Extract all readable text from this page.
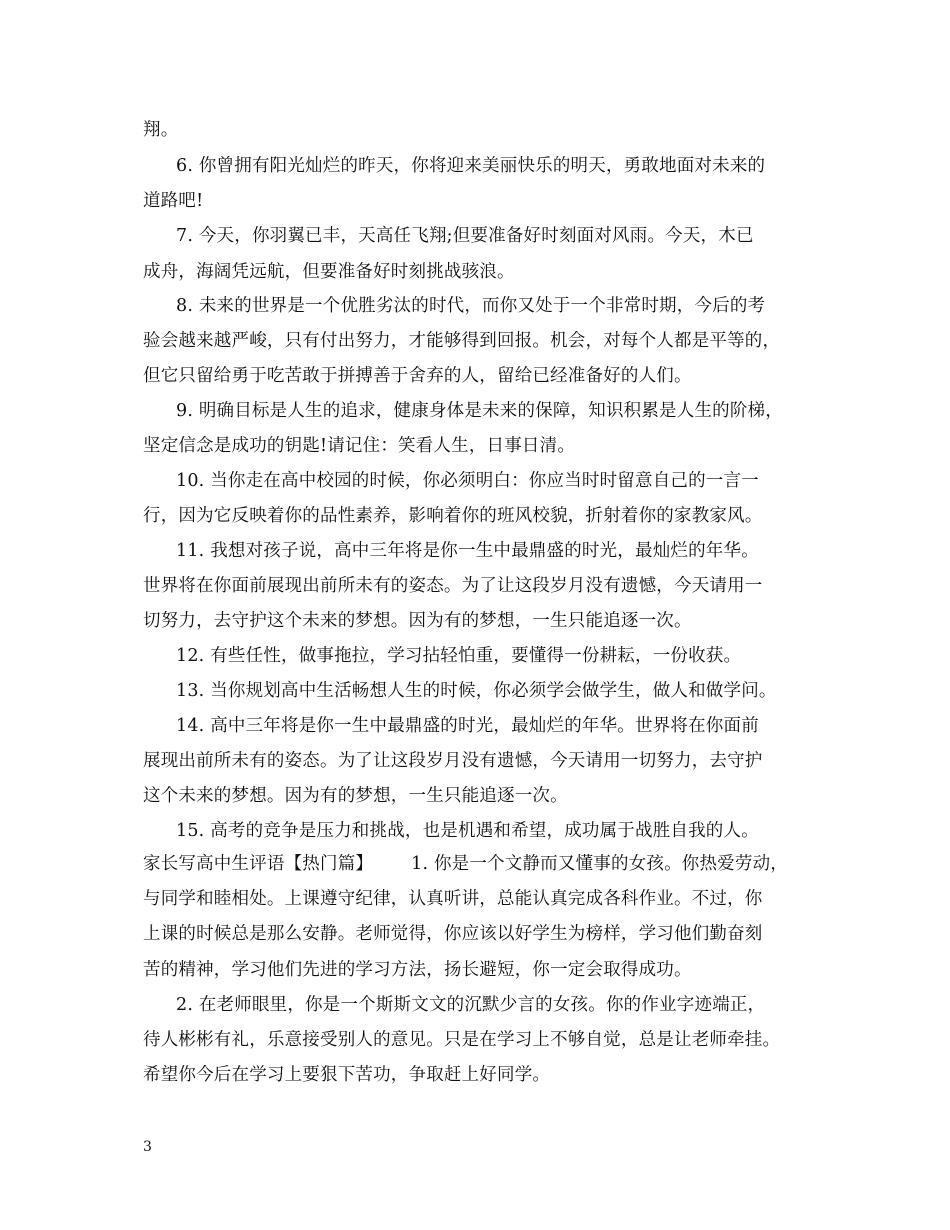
翔。
6. 你曾拥有阳光灿烂的昨天，你将迎来美丽快乐的明天，勇敢地面对未来的
道路吧!
7. 今天，你羽翼已丰，天高任飞翔;但要准备好时刻面对风雨。今天，木已
成舟，海阔凭远航，但要准备好时刻挑战骇浪。
8. 未来的世界是一个优胜劣汰的时代，而你又处于一个非常时期，今后的考
验会越来越严峻，只有付出努力，才能够得到回报。机会，对每个人都是平等的，
但它只留给勇于吃苦敢于拼搏善于舍弃的人，留给已经准备好的人们。
9. 明确目标是人生的追求，健康身体是未来的保障，知识积累是人生的阶梯，
坚定信念是成功的钥匙!请记住：笑看人生，日事日清。
10. 当你走在高中校园的时候，你必须明白：你应当时时留意自己的一言一
行，因为它反映着你的品性素养，影响着你的班风校貌，折射着你的家教家风。
11. 我想对孩子说，高中三年将是你一生中最鼎盛的时光，最灿烂的年华。
世界将在你面前展现出前所未有的姿态。为了让这段岁月没有遗憾，今天请用一
切努力，去守护这个未来的梦想。因为有的梦想，一生只能追逐一次。
12. 有些任性，做事拖拉，学习拈轻怕重，要懂得一份耕耘，一份收获。
13. 当你规划高中生活畅想人生的时候，你必须学会做学生，做人和做学问。
14. 高中三年将是你一生中最鼎盛的时光，最灿烂的年华。世界将在你面前
展现出前所未有的姿态。为了让这段岁月没有遗憾，今天请用一切努力，去守护
这个未来的梦想。因为有的梦想，一生只能追逐一次。
15. 高考的竞争是压力和挑战，也是机遇和希望，成功属于战胜自我的人。
家长写高中生评语【热门篇】 1. 你是一个文静而又懂事的女孩。你热爱劳动，
与同学和睦相处。上课遵守纪律，认真听讲，总能认真完成各科作业。不过，你
上课的时候总是那么安静。老师觉得，你应该以好学生为榜样，学习他们勤奋刻
苦的精神，学习他们先进的学习方法，扬长避短，你一定会取得成功。
2. 在老师眼里，你是一个斯斯文文的沉默少言的女孩。你的作业字迹端正，
待人彬彬有礼，乐意接受别人的意见。只是在学习上不够自觉，总是让老师牵挂。
希望你今后在学习上要狠下苦功，争取赶上好同学。
3
